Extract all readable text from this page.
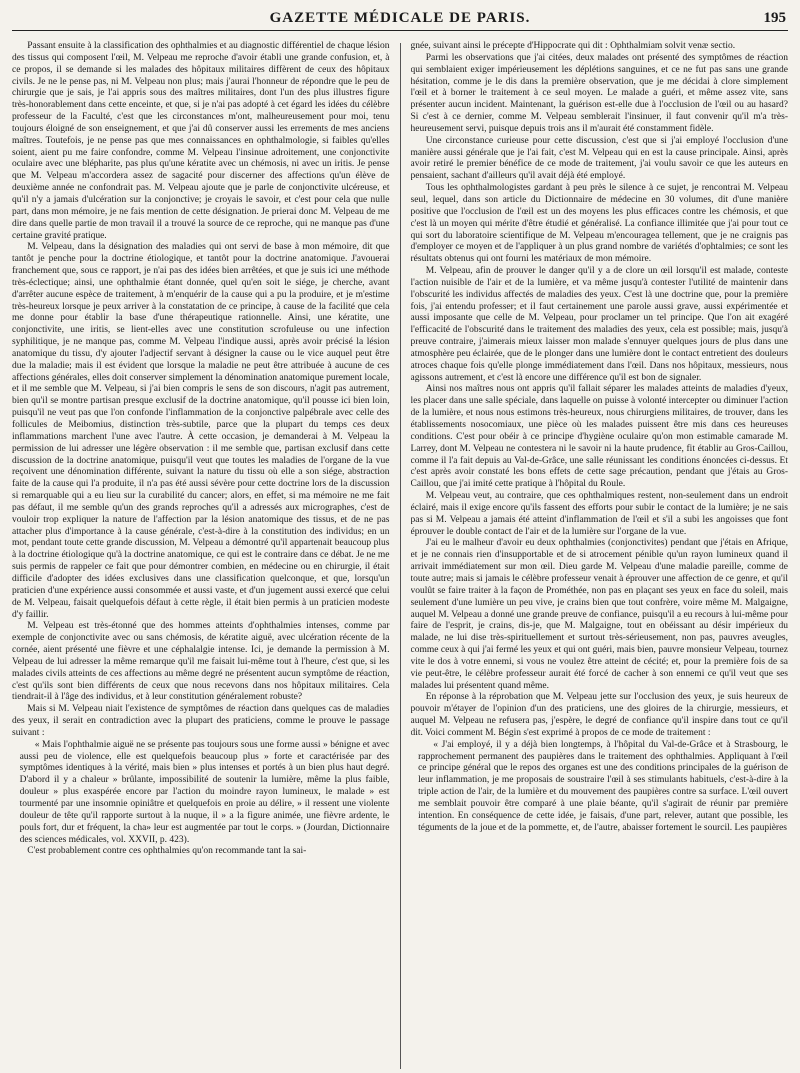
GAZETTE MÉDICALE DE PARIS.	195

Passant ensuite à la classification des ophthalmies et au diagnostic différentiel de chaque lésion des tissus qui composent l'œil, M. Velpeau me reproche d'avoir établi une grande confusion, et, à ce propos, il se demande si les malades des hôpitaux militaires diffèrent de ceux des hôpitaux civils. Je ne le pense pas, ni M. Velpeau non plus; mais j'aurai l'honneur de répondre que le peu de chirurgie que je sais, je l'ai appris sous des maîtres militaires, dont l'un des plus illustres figure très-honorablement dans cette enceinte, et que, si je n'ai pas adopté à cet égard les idées du célèbre professeur de la Faculté, c'est que les circonstances m'ont, malheureusement pour moi, tenu toujours éloigné de son enseignement, et que j'ai dû conserver aussi les errements de mes anciens maîtres. Toutefois, je ne pense pas que mes connaissances en ophthalmologie, si faibles qu'elles soient, aient pu me faire confondre, comme M. Velpeau l'insinue adroitement, une conjonctivite oculaire avec une blépharite, pas plus qu'une kératite avec un chémosis, ni avec un iritis. Je pense que M. Velpeau m'accordera assez de sagacité pour discerner des affections qu'un élève de deuxième année ne confondrait pas. M. Velpeau ajoute que je parle de conjonctivite ulcéreuse, et qu'il n'y a jamais d'ulcération sur la conjonctive; je croyais le savoir, et c'est pour cela que nulle part, dans mon mémoire, je ne fais mention de cette désignation. Je prierai donc M. Velpeau de me dire dans quelle partie de mon travail il a trouvé la source de ce reproche, qui ne manque pas d'une certaine gravité pratique.

M. Velpeau, dans la désignation des maladies qui ont servi de base à mon mémoire, dit que tantôt je penche pour la doctrine étiologique, et tantôt pour la doctrine anatomique. J'avouerai franchement que, sous ce rapport, je n'ai pas des idées bien arrêtées, et que je suis ici une méthode très-éclectique; ainsi, une ophthalmie étant donnée, quel qu'en soit le siége, je cherche, avant d'arrêter aucune espèce de traitement, à m'enquérir de la cause qui a pu la produire, et je m'estime très-heureux lorsque je peux arriver à la constatation de ce principe, à cause de la facilité que cela me donne pour établir la base d'une thérapeutique rationnelle. Ainsi, une kératite, une conjonctivite, une iritis, se lient-elles avec une constitution scrofuleuse ou une infection syphilitique, je ne manque pas, comme M. Velpeau l'indique aussi, après avoir précisé la lésion anatomique du tissu, d'y ajouter l'adjectif servant à désigner la cause ou le vice auquel peut être due la maladie; mais il est évident que lorsque la maladie ne peut être attribuée à aucune de ces affections générales, elles doit conserver simplement la dénomination anatomique purement locale, et il me semble que M. Velpeau, si j'ai bien compris le sens de son discours, n'agit pas autrement, bien qu'il se montre partisan presque exclusif de la doctrine anatomique, qu'il pousse ici bien loin, puisqu'il ne veut pas que l'on confonde l'inflammation de la conjonctive palpébrale avec celle des follicules de Meibomius, distinction très-subtile, parce que la plupart du temps ces deux inflammations marchent l'une avec l'autre. À cette occasion, je demanderai à M. Velpeau la permission de lui adresser une légère observation : il me semble que, partisan exclusif dans cette discussion de la doctrine anatomique, puisqu'il veut que toutes les maladies de l'organe de la vue reçoivent une dénomination différente, suivant la nature du tissu où elle a son siége, abstraction faite de la cause qui l'a produite, il n'a pas été aussi sévère pour cette doctrine lors de la discussion si remarquable qui a eu lieu sur la curabilité du cancer; alors, en effet, si ma mémoire ne me fait pas défaut, il me semble qu'un des grands reproches qu'il a adressés aux micrographes, c'est de vouloir trop expliquer la nature de l'affection par la lésion anatomique des tissus, et de ne pas attacher plus d'importance à la cause générale, c'est-à-dire à la constitution des individus; en un mot, pendant toute cette grande discussion, M. Velpeau a démontré qu'il appartenait beaucoup plus à la doctrine étiologique qu'à la doctrine anatomique, ce qui est le contraire dans ce débat. Je ne me suis permis de rappeler ce fait que pour démontrer combien, en médecine ou en chirurgie, il était difficile d'adopter des idées exclusives dans une classification quelconque, et que, lorsqu'un praticien d'une expérience aussi consommée et aussi vaste, et d'un jugement aussi exercé que celui de M. Velpeau, faisait quelquefois défaut à cette règle, il était bien permis à un praticien modeste d'y faillir.

M. Velpeau est très-étonné que des hommes atteints d'ophthalmies intenses, comme par exemple de conjonctivite avec ou sans chémosis, de kératite aiguë, avec ulcération récente de la cornée, aient présenté une fièvre et une céphalalgie intense. Ici, je demande la permission à M. Velpeau de lui adresser la même remarque qu'il me faisait lui-même tout à l'heure, c'est que, si les malades civils atteints de ces affections au même degré ne présentent aucun symptôme de réaction, c'est qu'ils sont bien différents de ceux que nous recevons dans nos hôpitaux militaires. Cela tiendrait-il à l'âge des individus, et à leur constitution généralement robuste?

Mais si M. Velpeau niait l'existence de symptômes de réaction dans quelques cas de maladies des yeux, il serait en contradiction avec la plupart des praticiens, comme le prouve le passage suivant :

« Mais l'ophthalmie aiguë ne se présente pas toujours sous une forme aussi » bénigne et avec aussi peu de violence, elle est quelquefois beaucoup plus » forte et caractérisée par des symptômes identiques à la vérité, mais bien » plus intenses et portés à un bien plus haut degré. D'abord il y a chaleur » brûlante, impossibilité de soutenir la lumière, même la plus faible, douleur » plus exaspérée encore par l'action du moindre rayon lumineux, le malade » est tourmenté par une insomnie opiniâtre et quelquefois en proie au délire, » il ressent une violente douleur de tête qu'il rapporte surtout à la nuque, il » a la figure animée, une fièvre ardente, le pouls fort, dur et fréquent, la cha» leur est augmentée par tout le corps. » (Jourdan, Dictionnaire des sciences médicales, vol. XXVII, p. 423).

C'est probablement contre ces ophthalmies qu'on recommande tant la sai-

gnée, suivant ainsi le précepte d'Hippocrate qui dit : Ophthalmiam solvit venæ sectio.

Parmi les observations que j'ai citées, deux malades ont présenté des symptômes de réaction qui semblaient exiger impérieusement les déplétions sanguines, et ce ne fut pas sans une grande hésitation, comme je le dis dans la première observation, que je me décidai à clore simplement l'œil et à borner le traitement à ce seul moyen. Le malade a guéri, et même assez vite, sans présenter aucun incident. Maintenant, la guérison est-elle due à l'occlusion de l'œil ou au hasard? Si c'est à ce dernier, comme M. Velpeau semblerait l'insinuer, il faut convenir qu'il m'a très-heureusement servi, puisque depuis trois ans il m'aurait été constamment fidèle.

Une circonstance curieuse pour cette discussion, c'est que si j'ai employé l'occlusion d'une manière aussi générale que je l'ai fait, c'est M. Velpeau qui en est la cause principale. Ainsi, après avoir retiré le premier bénéfice de ce mode de traitement, j'ai voulu savoir ce que les auteurs en pensaient, sachant d'ailleurs qu'il avait déjà été employé.

Tous les ophthalmologistes gardant à peu près le silence à ce sujet, je rencontrai M. Velpeau seul, lequel, dans son article du Dictionnaire de médecine en 30 volumes, dit d'une manière positive que l'occlusion de l'œil est un des moyens les plus efficaces contre les chémosis, et que c'est là un moyen qui mérite d'être étudié et généralisé. La confiance illimitée que j'ai pour tout ce qui sort du laboratoire scientifique de M. Velpeau m'encouragea tellement, que je ne craignis pas d'employer ce moyen et de l'appliquer à un plus grand nombre de variétés d'ophtalmies; ce sont les résultats obtenus qui ont fourni les matériaux de mon mémoire.

M. Velpeau, afin de prouver le danger qu'il y a de clore un œil lorsqu'il est malade, conteste l'action nuisible de l'air et de la lumière, et va même jusqu'à contester l'utilité de maintenir dans l'obscurité les individus affectés de maladies des yeux. C'est là une doctrine que, pour la première fois, j'ai entendu professer; et il faut certainement une parole aussi grave, aussi expérimentée et aussi imposante que celle de M. Velpeau, pour proclamer un tel principe. Que l'on ait exagéré l'efficacité de l'obscurité dans le traitement des maladies des yeux, cela est possible; mais, jusqu'à preuve contraire, j'aimerais mieux laisser mon malade s'ennuyer quelques jours de plus dans une atmosphère peu éclairée, que de le plonger dans une lumière dont le contact entretient des douleurs atroces chaque fois qu'elle plonge immédiatement dans l'œil. Dans nos hôpitaux, messieurs, nous agissons autrement, et c'est là encore une différence qu'il est bon de signaler.

Ainsi nos maîtres nous ont appris qu'il fallait séparer les malades atteints de maladies d'yeux, les placer dans une salle spéciale, dans laquelle on puisse à volonté intercepter ou diminuer l'action de la lumière, et nous nous estimons très-heureux, nous chirurgiens militaires, de trouver, dans les établissements nosocomiaux, une pièce où les malades puissent être mis dans ces heureuses conditions. C'est pour obéir à ce principe d'hygiène oculaire qu'on mon estimable camarade M. Larrey, dont M. Velpeau ne contestera ni le savoir ni la haute prudence, fit établir au Gros-Caillou, comme il l'a fait depuis au Val-de-Grâce, une salle réunissant les conditions énoncées ci-dessus. Et c'est après avoir constaté les bons effets de cette sage précaution, pendant que j'étais au Gros-Caillou, que j'ai imité cette pratique à l'hôpital du Roule.

M. Velpeau veut, au contraire, que ces ophthalmiques restent, non-seulement dans un endroit éclairé, mais il exige encore qu'ils fassent des efforts pour subir le contact de la lumière; je ne sais pas si M. Velpeau a jamais été atteint d'inflammation de l'œil et s'il a subi les angoisses que font éprouver le double contact de l'air et de la lumière sur l'organe de la vue.

J'ai eu le malheur d'avoir eu deux ophthalmies (conjonctivites) pendant que j'étais en Afrique, et je ne connais rien d'insupportable et de si atrocement pénible qu'un rayon lumineux quand il arrivait immédiatement sur mon œil. Dieu garde M. Velpeau d'une maladie pareille, comme de toute autre; mais si jamais le célèbre professeur venait à éprouver une affection de ce genre, et qu'il voulût se faire traiter à la façon de Prométhée, non pas en plaçant ses yeux en face du soleil, mais seulement d'une lumière un peu vive, je crains bien que tout confrère, voire même M. Malgaigne, auquel M. Velpeau a donné une grande preuve de confiance, puisqu'il a eu recours à lui-même pour faire de l'esprit, je crains, dis-je, que M. Malgaigne, tout en obéissant au désir impérieux du malade, ne lui dise très-spirituellement et surtout très-sérieusement, non pas, pauvres aveugles, comme ceux à qui j'ai fermé les yeux et qui ont guéri, mais bien, pauvre monsieur Velpeau, tournez vite le dos à votre ennemi, si vous ne voulez être atteint de cécité; et, pour la première fois de sa vie peut-être, le célèbre professeur aurait été forcé de cacher à son ennemi ce qu'il veut que ses malades lui présentent quand même.

En réponse à la réprobation que M. Velpeau jette sur l'occlusion des yeux, je suis heureux de pouvoir m'étayer de l'opinion d'un des praticiens, une des gloires de la chirurgie, messieurs, et auquel M. Velpeau ne refusera pas, j'espère, le degré de confiance qu'il inspire dans tout ce qu'il dit. Voici comment M. Bégin s'est exprimé à propos de ce mode de traitement :

« J'ai employé, il y a déjà bien longtemps, à l'hôpital du Val-de-Grâce et à Strasbourg, le rapprochement permanent des paupières dans le traitement des ophthalmies. Appliquant à l'œil ce principe général que le repos des organes est une des conditions principales de la guérison de leur inflammation, je me proposais de soustraire l'œil à ses stimulants habituels, c'est-à-dire à la triple action de l'air, de la lumière et du mouvement des paupières contre sa surface. L'œil ouvert me semblait pouvoir être comparé à une plaie béante, qu'il s'agirait de réunir par première intention. En conséquence de cette idée, je faisais, d'une part, relever, autant que possible, les téguments de la joue et de la pommette, et, de l'autre, abaisser fortement le sourcil. Les paupières
